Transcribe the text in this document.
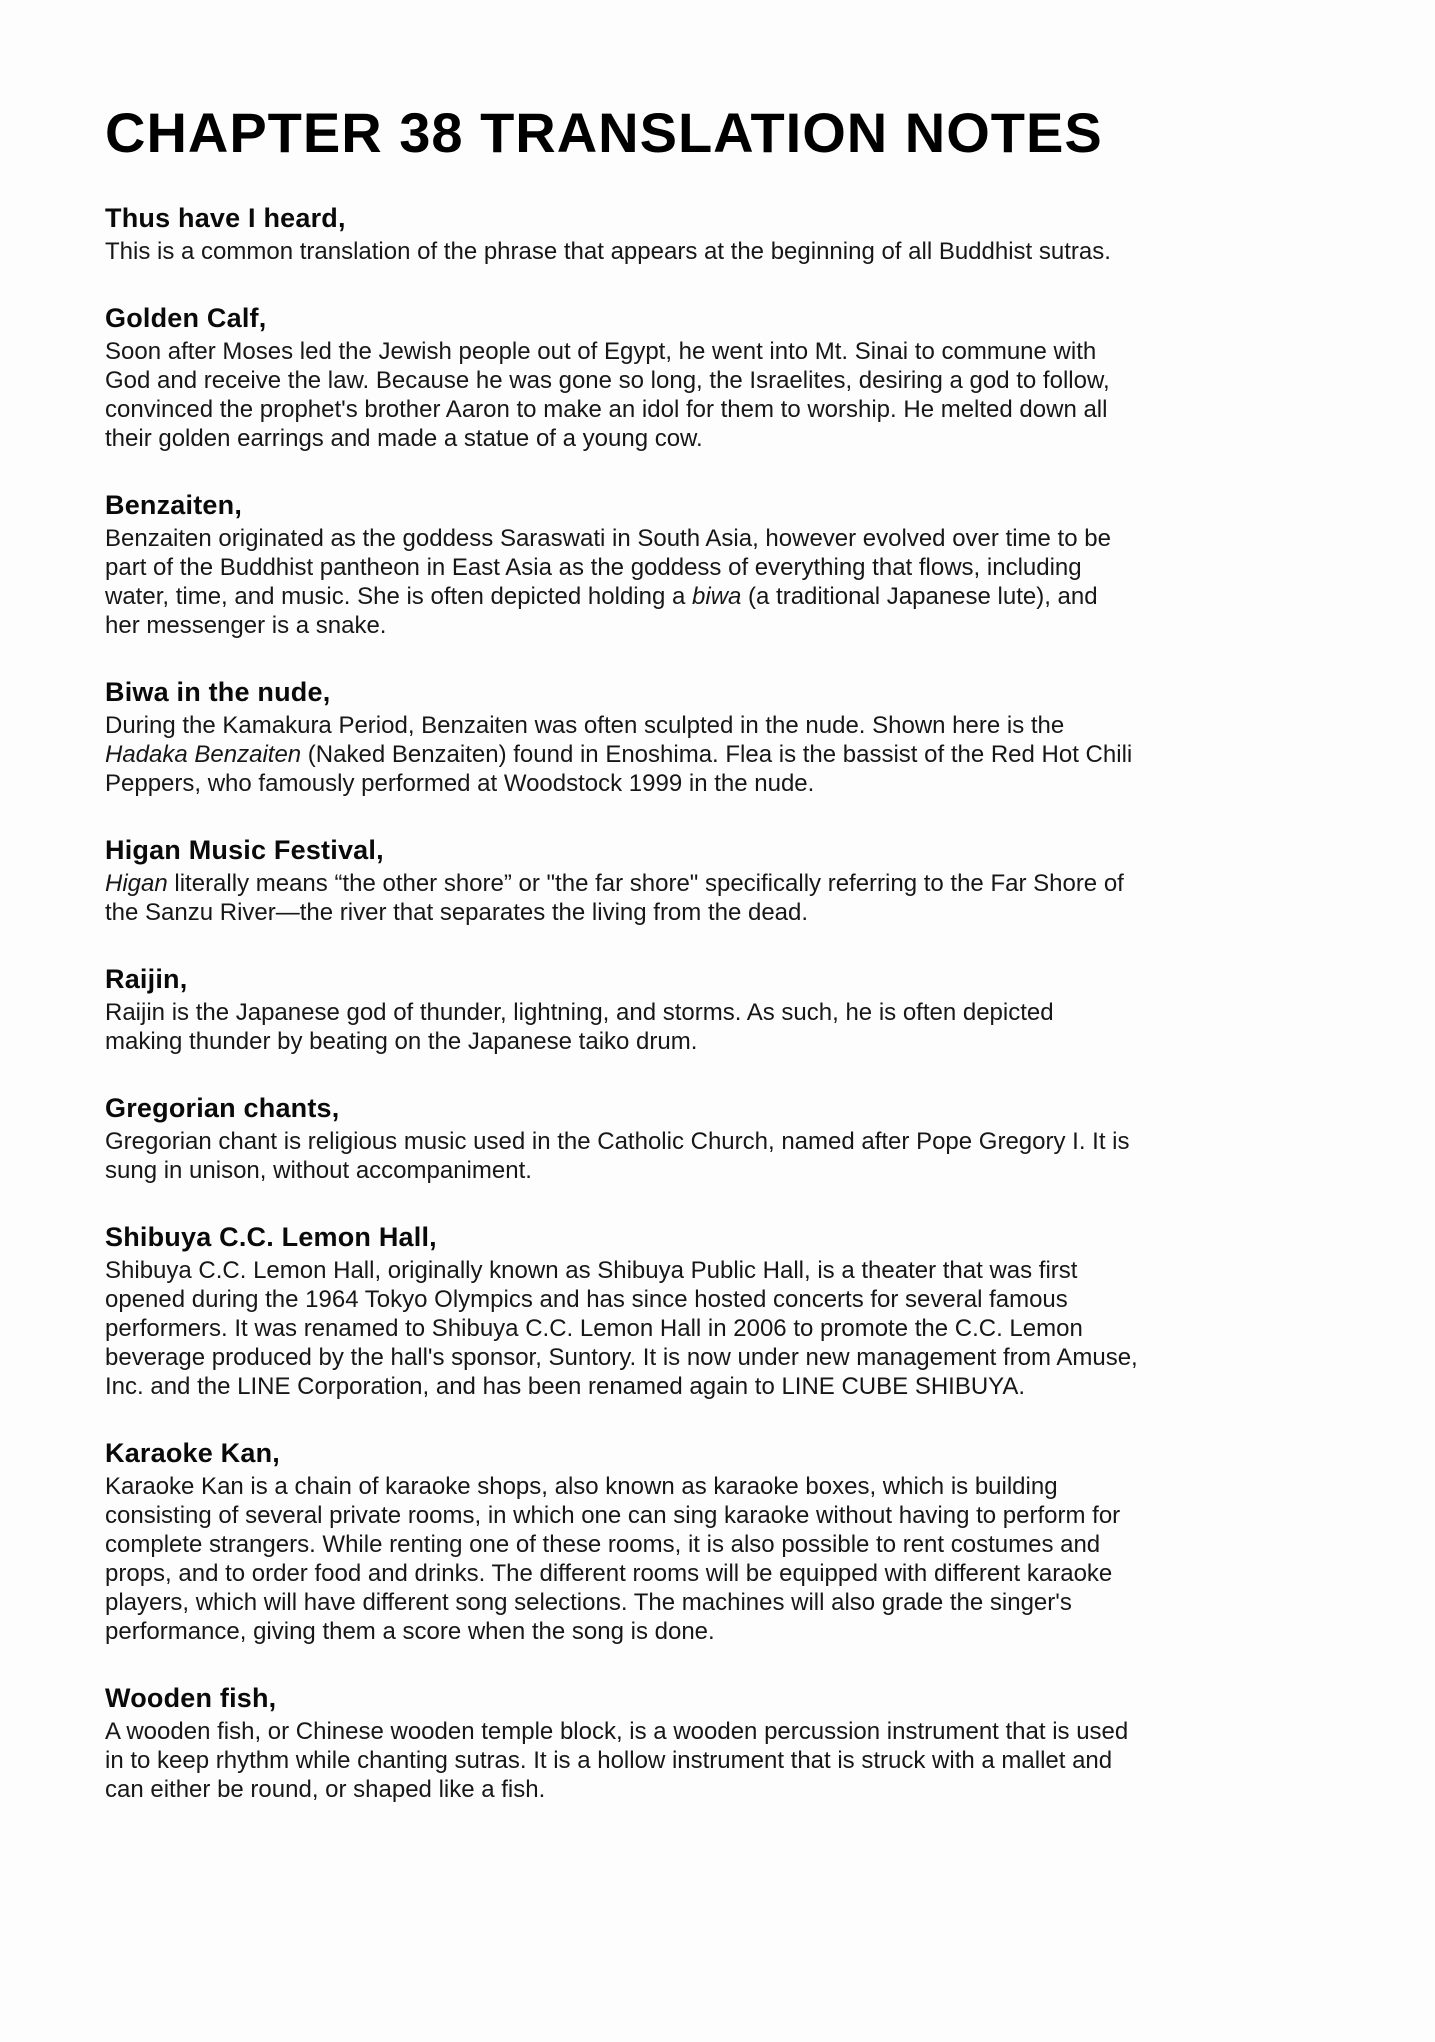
CHAPTER 38 TRANSLATION NOTES
Thus have I heard,
This is a common translation of the phrase that appears at the beginning of all Buddhist sutras.
Golden Calf,
Soon after Moses led the Jewish people out of Egypt, he went into Mt. Sinai to commune with
God and receive the law. Because he was gone so long, the Israelites, desiring a god to follow,
convinced the prophet's brother Aaron to make an idol for them to worship. He melted down all
their golden earrings and made a statue of a young cow.
Benzaiten,
Benzaiten originated as the goddess Saraswati in South Asia, however evolved over time to be
part of the Buddhist pantheon in East Asia as the goddess of everything that flows, including
water, time, and music. She is often depicted holding a biwa (a traditional Japanese lute), and
her messenger is a snake.
Biwa in the nude,
During the Kamakura Period, Benzaiten was often sculpted in the nude. Shown here is the
Hadaka Benzaiten (Naked Benzaiten) found in Enoshima. Flea is the bassist of the Red Hot Chili
Peppers, who famously performed at Woodstock 1999 in the nude.
Higan Music Festival,
Higan literally means “the other shore” or "the far shore" specifically referring to the Far Shore of
the Sanzu River—the river that separates the living from the dead.
Raijin,
Raijin is the Japanese god of thunder, lightning, and storms. As such, he is often depicted
making thunder by beating on the Japanese taiko drum.
Gregorian chants,
Gregorian chant is religious music used in the Catholic Church, named after Pope Gregory I. It is
sung in unison, without accompaniment.
Shibuya C.C. Lemon Hall,
Shibuya C.C. Lemon Hall, originally known as Shibuya Public Hall, is a theater that was first
opened during the 1964 Tokyo Olympics and has since hosted concerts for several famous
performers. It was renamed to Shibuya C.C. Lemon Hall in 2006 to promote the C.C. Lemon
beverage produced by the hall's sponsor, Suntory. It is now under new management from Amuse,
Inc. and the LINE Corporation, and has been renamed again to LINE CUBE SHIBUYA.
Karaoke Kan,
Karaoke Kan is a chain of karaoke shops, also known as karaoke boxes, which is building
consisting of several private rooms, in which one can sing karaoke without having to perform for
complete strangers. While renting one of these rooms, it is also possible to rent costumes and
props, and to order food and drinks. The different rooms will be equipped with different karaoke
players, which will have different song selections. The machines will also grade the singer's
performance, giving them a score when the song is done.
Wooden fish,
A wooden fish, or Chinese wooden temple block, is a wooden percussion instrument that is used
in to keep rhythm while chanting sutras. It is a hollow instrument that is struck with a mallet and
can either be round, or shaped like a fish.
